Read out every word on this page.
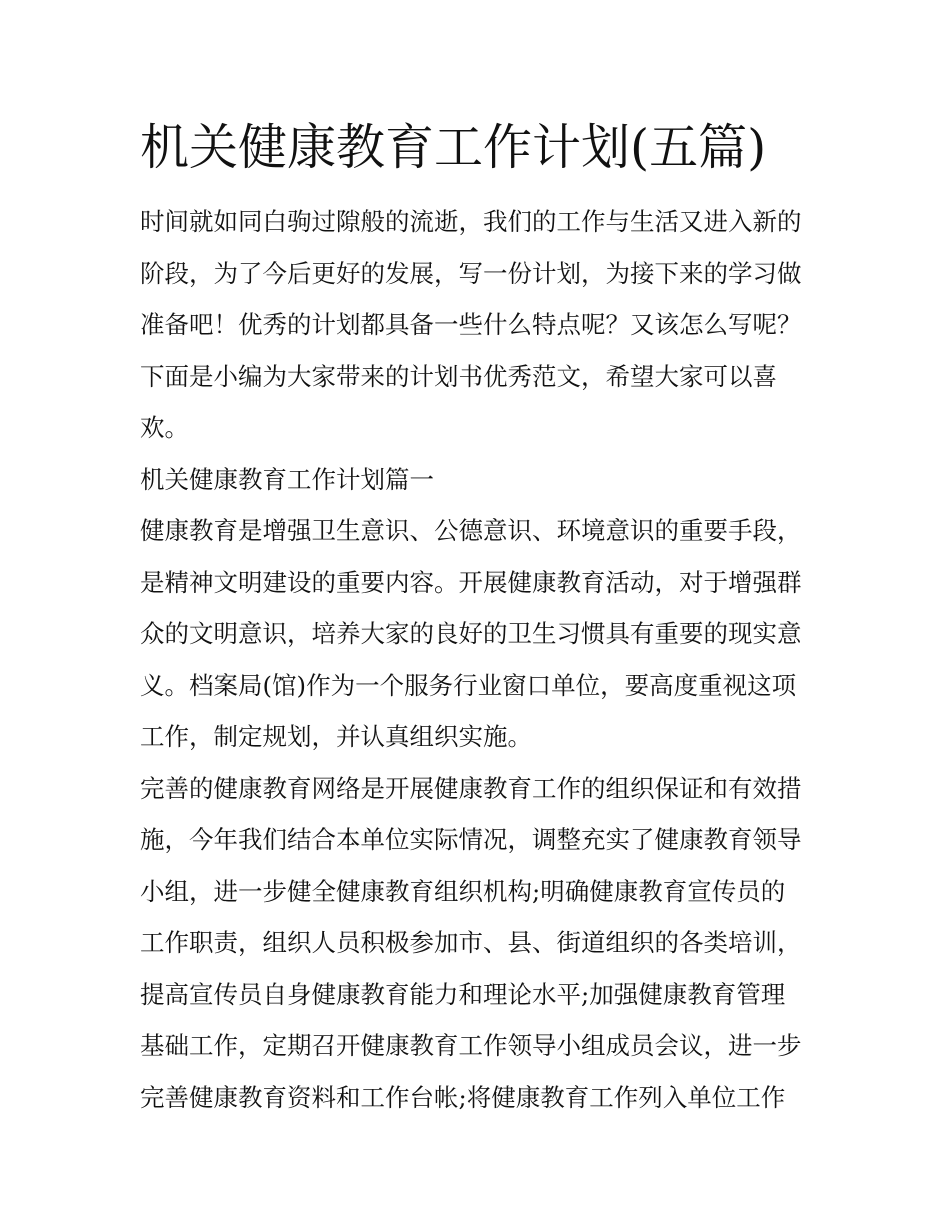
机关健康教育工作计划(五篇)
时间就如同白驹过隙般的流逝，我们的工作与生活又进入新的
阶段，为了今后更好的发展，写一份计划，为接下来的学习做
准备吧！优秀的计划都具备一些什么特点呢？又该怎么写呢？
下面是小编为大家带来的计划书优秀范文，希望大家可以喜
欢。
机关健康教育工作计划篇一
健康教育是增强卫生意识、公德意识、环境意识的重要手段，
是精神文明建设的重要内容。开展健康教育活动，对于增强群
众的文明意识，培养大家的良好的卫生习惯具有重要的现实意
义。档案局(馆)作为一个服务行业窗口单位，要高度重视这项
工作，制定规划，并认真组织实施。
完善的健康教育网络是开展健康教育工作的组织保证和有效措
施，今年我们结合本单位实际情况，调整充实了健康教育领导
小组，进一步健全健康教育组织机构;明确健康教育宣传员的
工作职责，组织人员积极参加市、县、街道组织的各类培训，
提高宣传员自身健康教育能力和理论水平;加强健康教育管理
基础工作，定期召开健康教育工作领导小组成员会议，进一步
完善健康教育资料和工作台帐;将健康教育工作列入单位工作
